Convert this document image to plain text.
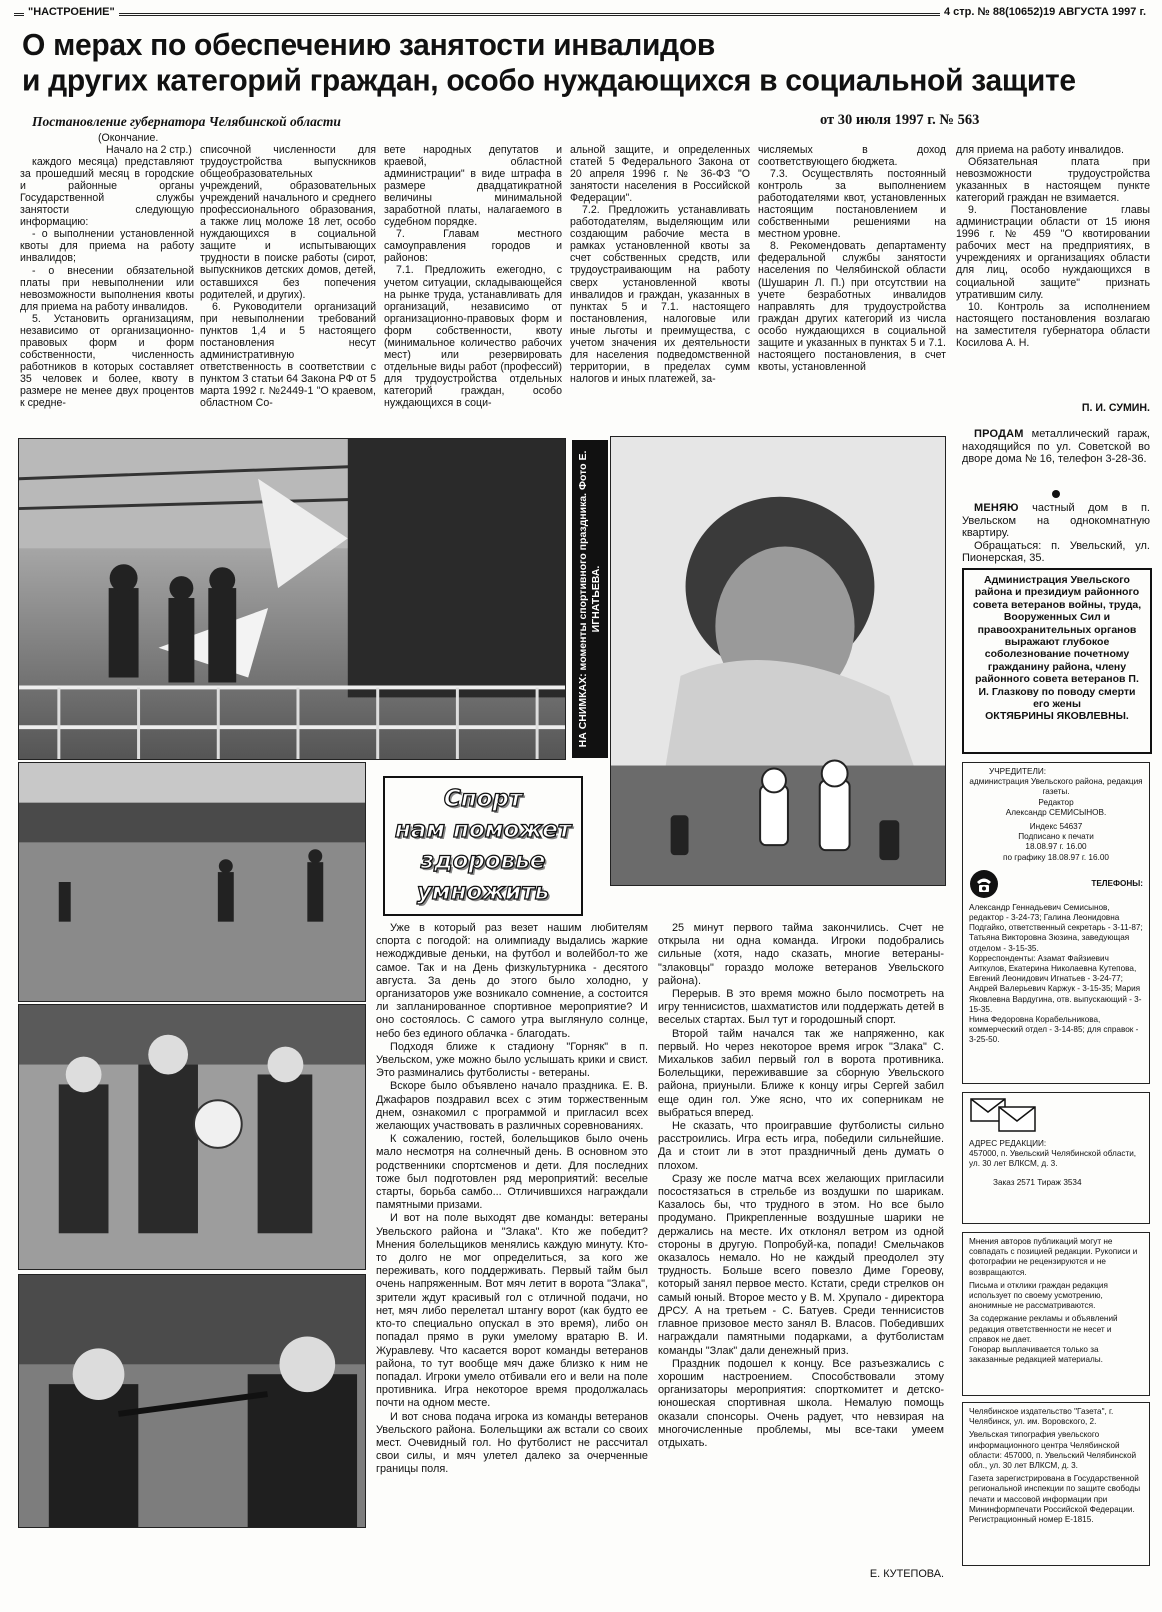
"НАСТРОЕНИЕ"	4 стр. № 88(10652)19 АВГУСТА 1997 г.
О мерах по обеспечению занятости инвалидов
и других категорий граждан, особо нуждающихся в социальной защите
Постановление губернатора Челябинской области	от 30 июля 1997 г. № 563

(Окончание.

Начало на 2 стр.)

каждого месяца) представляют за прошедший месяц в городские и районные органы Государственной службы занятости следующую информацию:

- о выполнении установленной квоты для приема на работу инвалидов;

- о внесении обязательной платы при невыполнении или невозможности выполнения квоты для приема на работу инвалидов.

5. Установить организациям, независимо от организационно-правовых форм и форм собственности, численность работников в которых составляет 35 человек и более, квоту в размере не менее двух процентов к средне-

списочной численности для трудоустройства выпускников общеобразовательных учреждений, образовательных учреждений начального и среднего профессионального образования, а также лиц моложе 18 лет, особо нуждающихся в социальной защите и испытывающих трудности в поиске работы (сирот, выпускников детских домов, детей, оставшихся без попечения родителей, и других).

6. Руководители организаций при невыполнении требований пунктов 1,4 и 5 настоящего постановления несут административную ответственность в соответствии с пунктом 3 статьи 64 Закона РФ от 5 марта 1992 г. №2449-1 "О краевом, областном Со-

вете народных депутатов и краевой, областной администрации" в виде штрафа в размере двадцатикратной величины минимальной заработной платы, налагаемого в судебном порядке.

7. Главам местного самоуправления городов и районов:

7.1. Предложить ежегодно, с учетом ситуации, складывающейся на рынке труда, устанавливать для организаций, независимо от организационно-правовых форм и форм собственности, квоту (минимальное количество рабочих мест) или резервировать отдельные виды работ (профессий) для трудоустройства отдельных категорий граждан, особо нуждающихся в соци-

альной защите, и определенных статей 5 Федерального Закона от 20 апреля 1996 г. № 36-ФЗ "О занятости населения в Российской Федерации".

7.2. Предложить устанавливать работодателям, выделяющим или создающим рабочие места в рамках установленной квоты за счет собственных средств, или трудоустраивающим на работу сверх установленной квоты инвалидов и граждан, указанных в пунктах 5 и 7.1. настоящего постановления, налоговые или иные льготы и преимущества, с учетом значения их деятельности для населения подведомственной территории, в пределах сумм налогов и иных платежей, за-

числяемых в доход соответствующего бюджета.

7.3. Осуществлять постоянный контроль за выполнением работодателями квот, установленных настоящим постановлением и собственными решениями на местном уровне.

8. Рекомендовать департаменту федеральной службы занятости населения по Челябинской области (Шушарин Л. П.) при отсутствии на учете безработных инвалидов направлять для трудоустройства граждан других категорий из числа особо нуждающихся в социальной защите и указанных в пунктах 5 и 7.1. настоящего постановления, в счет квоты, установленной

для приема на работу инвалидов.

Обязательная плата при невозможности трудоустройства указанных в настоящем пункте категорий граждан не взимается.

9. Постановление главы администрации области от 15 июня 1996 г. № 459 "О квотировании рабочих мест на предприятиях, в учреждениях и организациях области для лиц, особо нуждающихся в социальной защите" признать утратившим силу.

10. Контроль за исполнением настоящего постановления возлагаю на заместителя губернатора области Косилова А. Н.

П. И. СУМИН.
НА СНИМКАХ: моменты спортивного праздника. Фото Е. ИГНАТЬЕВА.
Спорт
нам поможет
здоровье
умножить

Уже в который раз везет нашим любителям спорта с погодой: на олимпиаду выдались жаркие нежодждивые деньки, на футбол и волейбол-то же самое. Так и на День физкультурника - десятого августа. За день до этого было холодно, у организаторов уже возникало сомнение, а состоится ли запланированное спортивное мероприятие? И оно состоялось. С самого утра выглянуло солнце, небо без единого облачка - благодать.

Подходя ближе к стадиону "Горняк" в п. Увельском, уже можно было услышать крики и свист. Это разминались футболисты - ветераны.

Вскоре было объявлено начало праздника. Е. В. Джафаров поздравил всех с этим торжественным днем, ознакомил с программой и пригласил всех желающих участвовать в различных соревнованиях.

К сожалению, гостей, болельщиков было очень мало несмотря на солнечный день. В основном это родственники спортсменов и дети. Для последних тоже был подготовлен ряд мероприятий: веселые старты, борьба самбо... Отличившихся награждали памятными призами.

И вот на поле выходят две команды: ветераны Увельского района и "Злака". Кто же победит? Мнения болельщиков менялись каждую минуту. Кто-то долго не мог определиться, за кого же переживать, кого поддерживать. Первый тайм был очень напряженным. Вот мяч летит в ворота "Злака", зрители ждут красивый гол с отличной подачи, но нет, мяч либо перелетал штангу ворот (как будто ее кто-то специально опускал в это время), либо он попадал прямо в руки умелому вратарю В. И. Журавлеву. Что касается ворот команды ветеранов района, то тут вообще мяч даже близко к ним не попадал. Игроки умело отбивали его и вели на поле противника. Игра некоторое время продолжалась почти на одном месте.

И вот снова подача игрока из команды ветеранов Увельского района. Болельщики аж встали со своих мест. Очевидный гол. Но футболист не рассчитал свои силы, и мяч улетел далеко за очерченные границы поля.

25 минут первого тайма закончились. Счет не открыла ни одна команда. Игроки подобрались сильные (хотя, надо сказать, многие ветераны-"злаковцы" гораздо моложе ветеранов Увельского района).

Перерыв. В это время можно было посмотреть на игру теннисистов, шахматистов или поддержать детей в веселых стартах. Был тут и городошный спорт.

Второй тайм начался так же напряженно, как первый. Но через некоторое время игрок "Злака" С. Михальков забил первый гол в ворота противника. Болельщики, переживавшие за сборную Увельского района, приуныли. Ближе к концу игры Сергей забил еще один гол. Уже ясно, что их соперникам не выбраться вперед.

Не сказать, что проигравшие футболисты сильно расстроились. Игра есть игра, победили сильнейшие. Да и стоит ли в этот праздничный день думать о плохом.

Сразу же после матча всех желающих пригласили посостязаться в стрельбе из воздушки по шарикам. Казалось бы, что трудного в этом. Но все было продумано. Прикрепленные воздушные шарики не держались на месте. Их отклонял ветром из одной стороны в другую. Попробуй-ка, попади! Смельчаков оказалось немало. Но не каждый преодолел эту трудность. Больше всего повезло Диме Гореову, который занял первое место. Кстати, среди стрелков он самый юный. Второе место у В. М. Хрупало - директора ДРСУ. А на третьем - С. Батуев. Среди теннисистов главное призовое место занял В. Власов. Победивших награждали памятными подарками, а футболистам команды "Злак" дали денежный приз.

Праздник подошел к концу. Все разъезжались с хорошим настроением. Способствовали этому организаторы мероприятия: спорткомитет и детско-юношеская спортивная школа. Немалую помощь оказали спонсоры. Очень радует, что невзирая на многочисленные проблемы, мы все-таки умеем отдыхать.

Е. КУТЕПОВА.

ПРОДАМ металлический гараж, находящийся по ул. Советской во дворе дома № 16, телефон 3-28-36.

МЕНЯЮ частный дом в п. Увельском на однокомнатную квартиру.

Обращаться: п. Увельский, ул. Пионерская, 35.

Администрация Увельского района и президиум районного совета ветеранов войны, труда, Вооруженных Сил и правоохранительных органов выражают глубокое соболезнование почетному гражданину района, члену районного совета ветеранов П. И. Глазкову по поводу смерти его жены
ОКТЯБРИНЫ ЯКОВЛЕВНЫ.

УЧРЕДИТЕЛИ:

администрация Увельского района, редакция газеты.

Редактор

Александр СЕМИСЫНОВ.

Индекс 54637

Подписано к печати

18.08.97 г. 16.00

по графику 18.08.97 г. 16.00

ТЕЛЕФОНЫ:

Александр Геннадьевич Семисынов, редактор - 3-24-73; Галина Леонидовна Подгайко, ответственный секретарь - 3-11-87; Татьяна Викторовна Зюзина, заведующая отделом - 3-15-35.

Корреспонденты: Азамат Файзиевич Аиткулов, Екатерина Николаевна Кутепова, Евгений Леонидович Игнатьев - 3-24-77; Андрей Валерьевич Каржук - 3-15-35; Мария Яковлевна Вардугина, отв. выпускающий - 3-15-35.

Нина Федоровна Корабельникова, коммерческий отдел - 3-14-85; для справок - 3-25-50.

АДРЕС РЕДАКЦИИ:

457000, п. Увельский Челябинской области, ул. 30 лет ВЛКСМ, д. 3.

Заказ 2571 Тираж 3534

Мнения авторов публикаций могут не совпадать с позицией редакции. Рукописи и фотографии не рецензируются и не возвращаются.

Письма и отклики граждан редакция использует по своему усмотрению, анонимные не рассматриваются.

За содержание рекламы и объявлений редакция ответственности не несет и справок не дает.

Гонорар выплачивается только за заказанные редакцией материалы.

Челябинское издательство "Газета", г. Челябинск, ул. им. Воровского, 2.

Увельская типография увельского информационного центра Челябинской области: 457000, п. Увельский Челябинской обл., ул. 30 лет ВЛКСМ, д. 3.

Газета зарегистрирована в Государственной региональной инспекции по защите свободы печати и массовой информации при Мининформпечати Российской Федерации. Регистрационный номер Е-1815.
